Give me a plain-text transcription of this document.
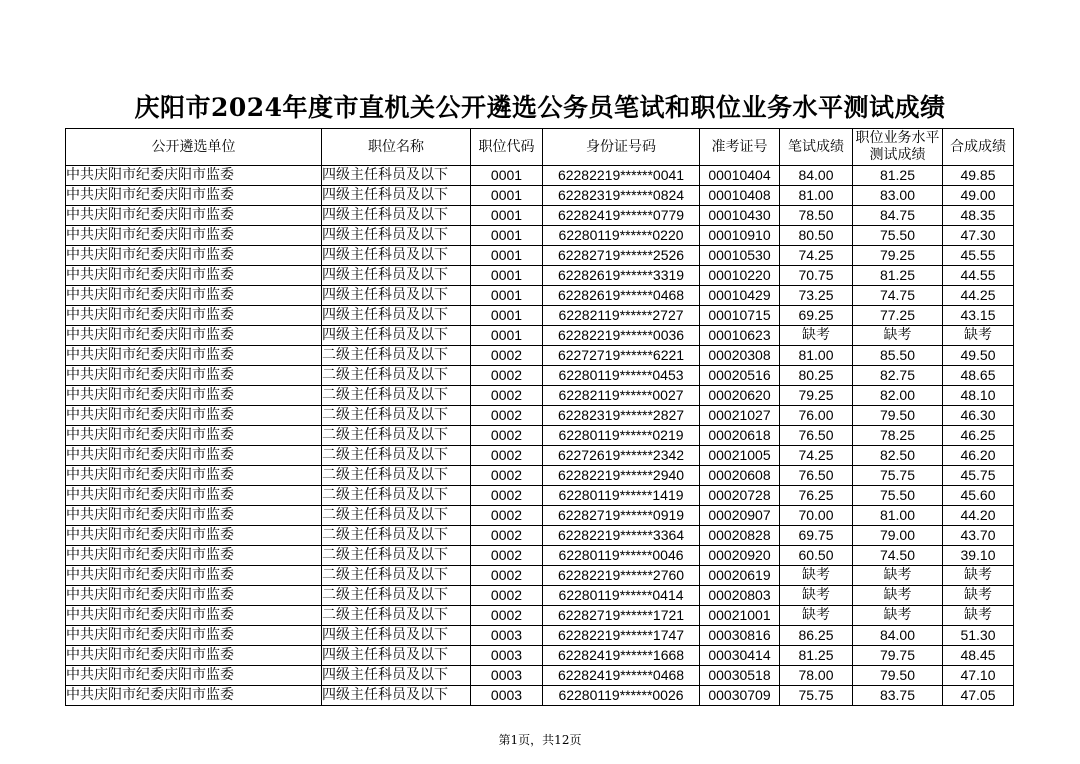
庆阳市2024年度市直机关公开遴选公务员笔试和职位业务水平测试成绩
公开遴选单位	职位名称	职位代码	身份证号码	准考证号	笔试成绩	职位业务水平测试成绩	合成成绩
中共庆阳市纪委庆阳市监委	四级主任科员及以下	0001	62282219******0041	00010404	84.00	81.25	49.85
中共庆阳市纪委庆阳市监委	四级主任科员及以下	0001	62282319******0824	00010408	81.00	83.00	49.00
中共庆阳市纪委庆阳市监委	四级主任科员及以下	0001	62282419******0779	00010430	78.50	84.75	48.35
中共庆阳市纪委庆阳市监委	四级主任科员及以下	0001	62280119******0220	00010910	80.50	75.50	47.30
中共庆阳市纪委庆阳市监委	四级主任科员及以下	0001	62282719******2526	00010530	74.25	79.25	45.55
中共庆阳市纪委庆阳市监委	四级主任科员及以下	0001	62282619******3319	00010220	70.75	81.25	44.55
中共庆阳市纪委庆阳市监委	四级主任科员及以下	0001	62282619******0468	00010429	73.25	74.75	44.25
中共庆阳市纪委庆阳市监委	四级主任科员及以下	0001	62282119******2727	00010715	69.25	77.25	43.15
中共庆阳市纪委庆阳市监委	四级主任科员及以下	0001	62282219******0036	00010623	缺考	缺考	缺考
中共庆阳市纪委庆阳市监委	二级主任科员及以下	0002	62272719******6221	00020308	81.00	85.50	49.50
中共庆阳市纪委庆阳市监委	二级主任科员及以下	0002	62280119******0453	00020516	80.25	82.75	48.65
中共庆阳市纪委庆阳市监委	二级主任科员及以下	0002	62282119******0027	00020620	79.25	82.00	48.10
中共庆阳市纪委庆阳市监委	二级主任科员及以下	0002	62282319******2827	00021027	76.00	79.50	46.30
中共庆阳市纪委庆阳市监委	二级主任科员及以下	0002	62280119******0219	00020618	76.50	78.25	46.25
中共庆阳市纪委庆阳市监委	二级主任科员及以下	0002	62272619******2342	00021005	74.25	82.50	46.20
中共庆阳市纪委庆阳市监委	二级主任科员及以下	0002	62282219******2940	00020608	76.50	75.75	45.75
中共庆阳市纪委庆阳市监委	二级主任科员及以下	0002	62280119******1419	00020728	76.25	75.50	45.60
中共庆阳市纪委庆阳市监委	二级主任科员及以下	0002	62282719******0919	00020907	70.00	81.00	44.20
中共庆阳市纪委庆阳市监委	二级主任科员及以下	0002	62282219******3364	00020828	69.75	79.00	43.70
中共庆阳市纪委庆阳市监委	二级主任科员及以下	0002	62280119******0046	00020920	60.50	74.50	39.10
中共庆阳市纪委庆阳市监委	二级主任科员及以下	0002	62282219******2760	00020619	缺考	缺考	缺考
中共庆阳市纪委庆阳市监委	二级主任科员及以下	0002	62280119******0414	00020803	缺考	缺考	缺考
中共庆阳市纪委庆阳市监委	二级主任科员及以下	0002	62282719******1721	00021001	缺考	缺考	缺考
中共庆阳市纪委庆阳市监委	四级主任科员及以下	0003	62282219******1747	00030816	86.25	84.00	51.30
中共庆阳市纪委庆阳市监委	四级主任科员及以下	0003	62282419******1668	00030414	81.25	79.75	48.45
中共庆阳市纪委庆阳市监委	四级主任科员及以下	0003	62282419******0468	00030518	78.00	79.50	47.10
中共庆阳市纪委庆阳市监委	四级主任科员及以下	0003	62280119******0026	00030709	75.75	83.75	47.05
第1页，共12页
